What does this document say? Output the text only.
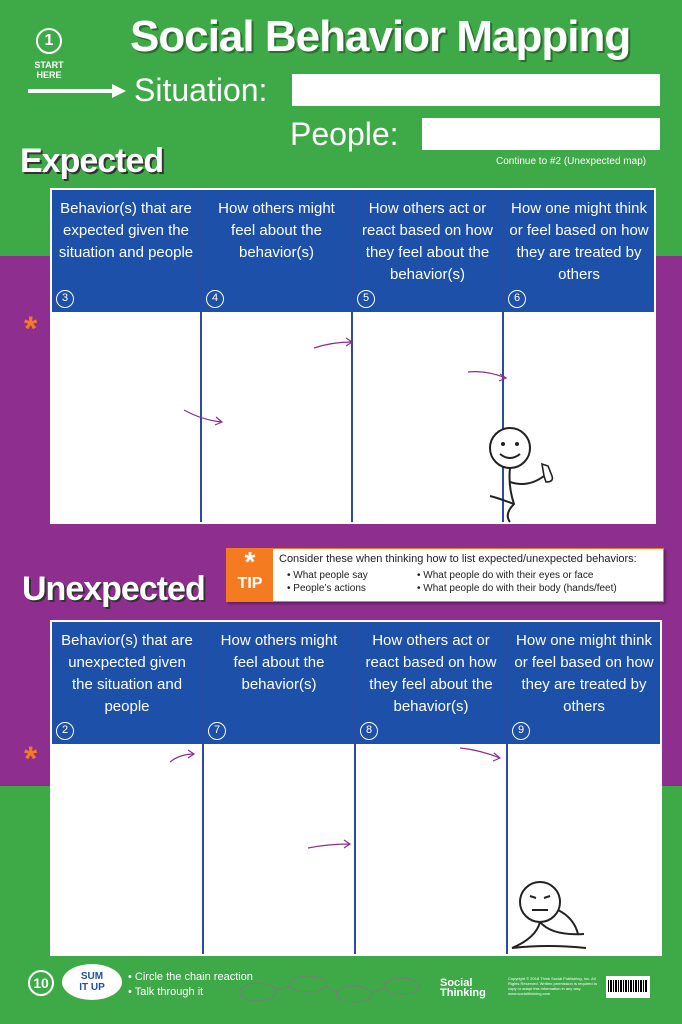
1
START
HERE
Social Behavior Mapping
Situation:
People:
Continue to #2 (Unexpected map)
Expected
*
Behavior(s) that are expected given the situation and people
3
How others might feel about the behavior(s)
4
How others act or react based on how they feel about the behavior(s)
5
How one might think or feel based on how they are treated by others
6
*
TIP
Consider these when thinking how to list expected/unexpected behaviors:
• What people say
• People’s actions
• What people do with their eyes or face
• What people do with their body (hands/feet)
Unexpected
*
Behavior(s) that are unexpected given the situation and people
2
How others might feel about the behavior(s)
7
How others act or react based on how they feel about the behavior(s)
8
How one might think or feel based on how they are treated by others
9
10	SUM
IT UP
• Circle the chain reaction
• Talk through it
Social
Thinking
Copyright © 2018 Think Social Publishing, Inc. All Rights Reserved. Written permission is required to copy or adapt this information in any way. www.socialthinking.com
